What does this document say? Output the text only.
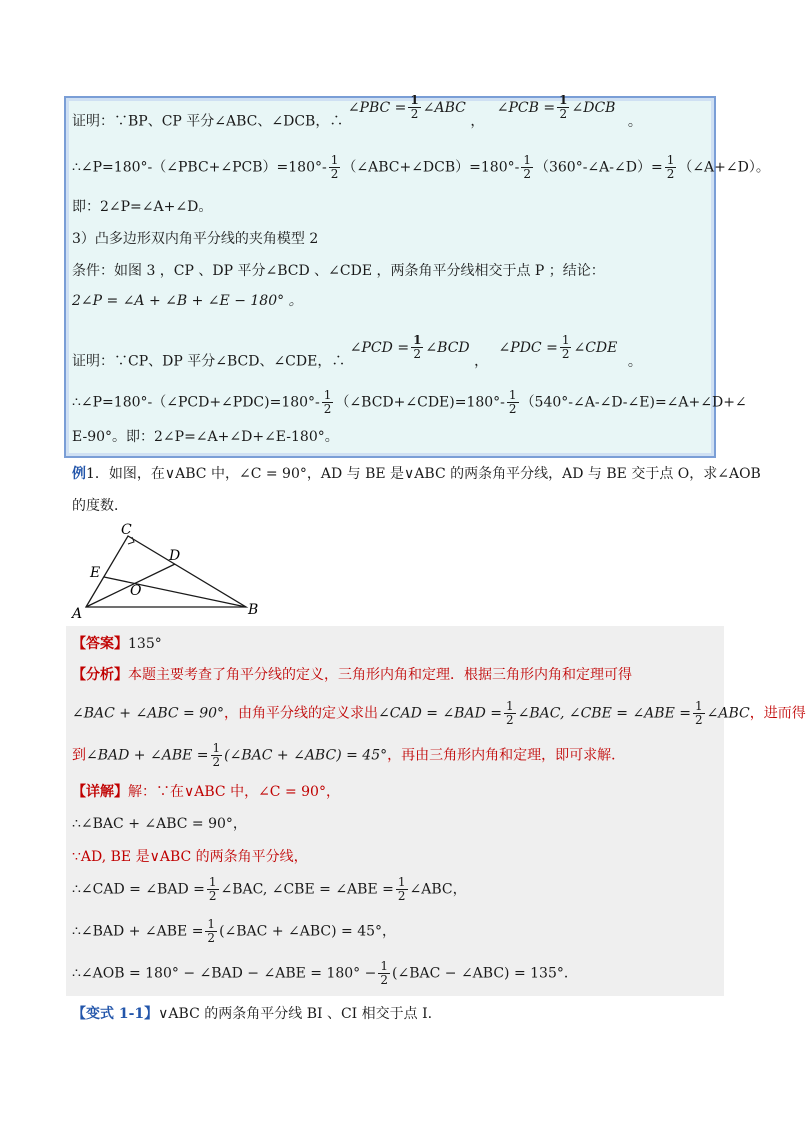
证明：∵BP、CP 平分∠ABC、∠DCB，∴ ∠PBC = $\frac{1}{2}$ ∠ABC ， ∠PCB = $\frac{1}{2}$ ∠DCB 。
∴∠P=180°-（∠PBC+∠PCB）=180°- $\frac{1}{2}$ （∠ABC+∠DCB）=180°- $\frac{1}{2}$ （360°-∠A-∠D）= $\frac{1}{2}$ （∠A+∠D）。
即：2∠P=∠A+∠D。
3）凸多边形双内角平分线的夹角模型 2
条件：如图 3 ，CP 、DP 平分∠BCD 、∠CDE ，两条角平分线相交于点 P ；结论：
2∠P = ∠A + ∠B + ∠E − 180° 。
证明：∵CP、DP 平分∠BCD、∠CDE，∴ ∠PCD = $\frac{1}{2}$ ∠BCD ， ∠PDC = $\frac{1}{2}$ ∠CDE 。
∴∠P=180°-（∠PCD+∠PDC)=180°- $\frac{1}{2}$ （∠BCD+∠CDE)=180°- $\frac{1}{2}$ （540°-∠A-∠D-∠E)=∠A+∠D+∠
E-90°。即：2∠P=∠A+∠D+∠E-180°。
例1．如图，在∨ABC 中，∠C = 90°，AD 与 BE 是∨ABC 的两条角平分线，AD 与 BE 交于点 O，求∠AOB
的度数．
C
D
E
O
A	B
【答案】135°
【分析】本题主要考查了角平分线的定义，三角形内角和定理．根据三角形内角和定理可得
∠BAC + ∠ABC = 90°，由角平分线的定义求出∠CAD = ∠BAD = $\frac{1}{2}$ ∠BAC, ∠CBE = ∠ABE = $\frac{1}{2}$ ∠ABC，进而得
到∠BAD + ∠ABE = $\frac{1}{2}$ (∠BAC + ∠ABC) = 45°，再由三角形内角和定理，即可求解．
【详解】解：∵在∨ABC 中，∠C = 90°，
∴∠BAC + ∠ABC = 90°，
∵AD, BE 是∨ABC 的两条角平分线，
∴∠CAD = ∠BAD = $\frac{1}{2}$ ∠BAC, ∠CBE = ∠ABE = $\frac{1}{2}$ ∠ABC，
∴∠BAD + ∠ABE = $\frac{1}{2}$ (∠BAC + ∠ABC) = 45°，
∴∠AOB = 180° − ∠BAD − ∠ABE = $180^\circ - \frac{1}{2}$ (∠BAC − ∠ABC) = 135°．
【变式 1-1】∨ABC 的两条角平分线 BI 、CI 相交于点 I.
